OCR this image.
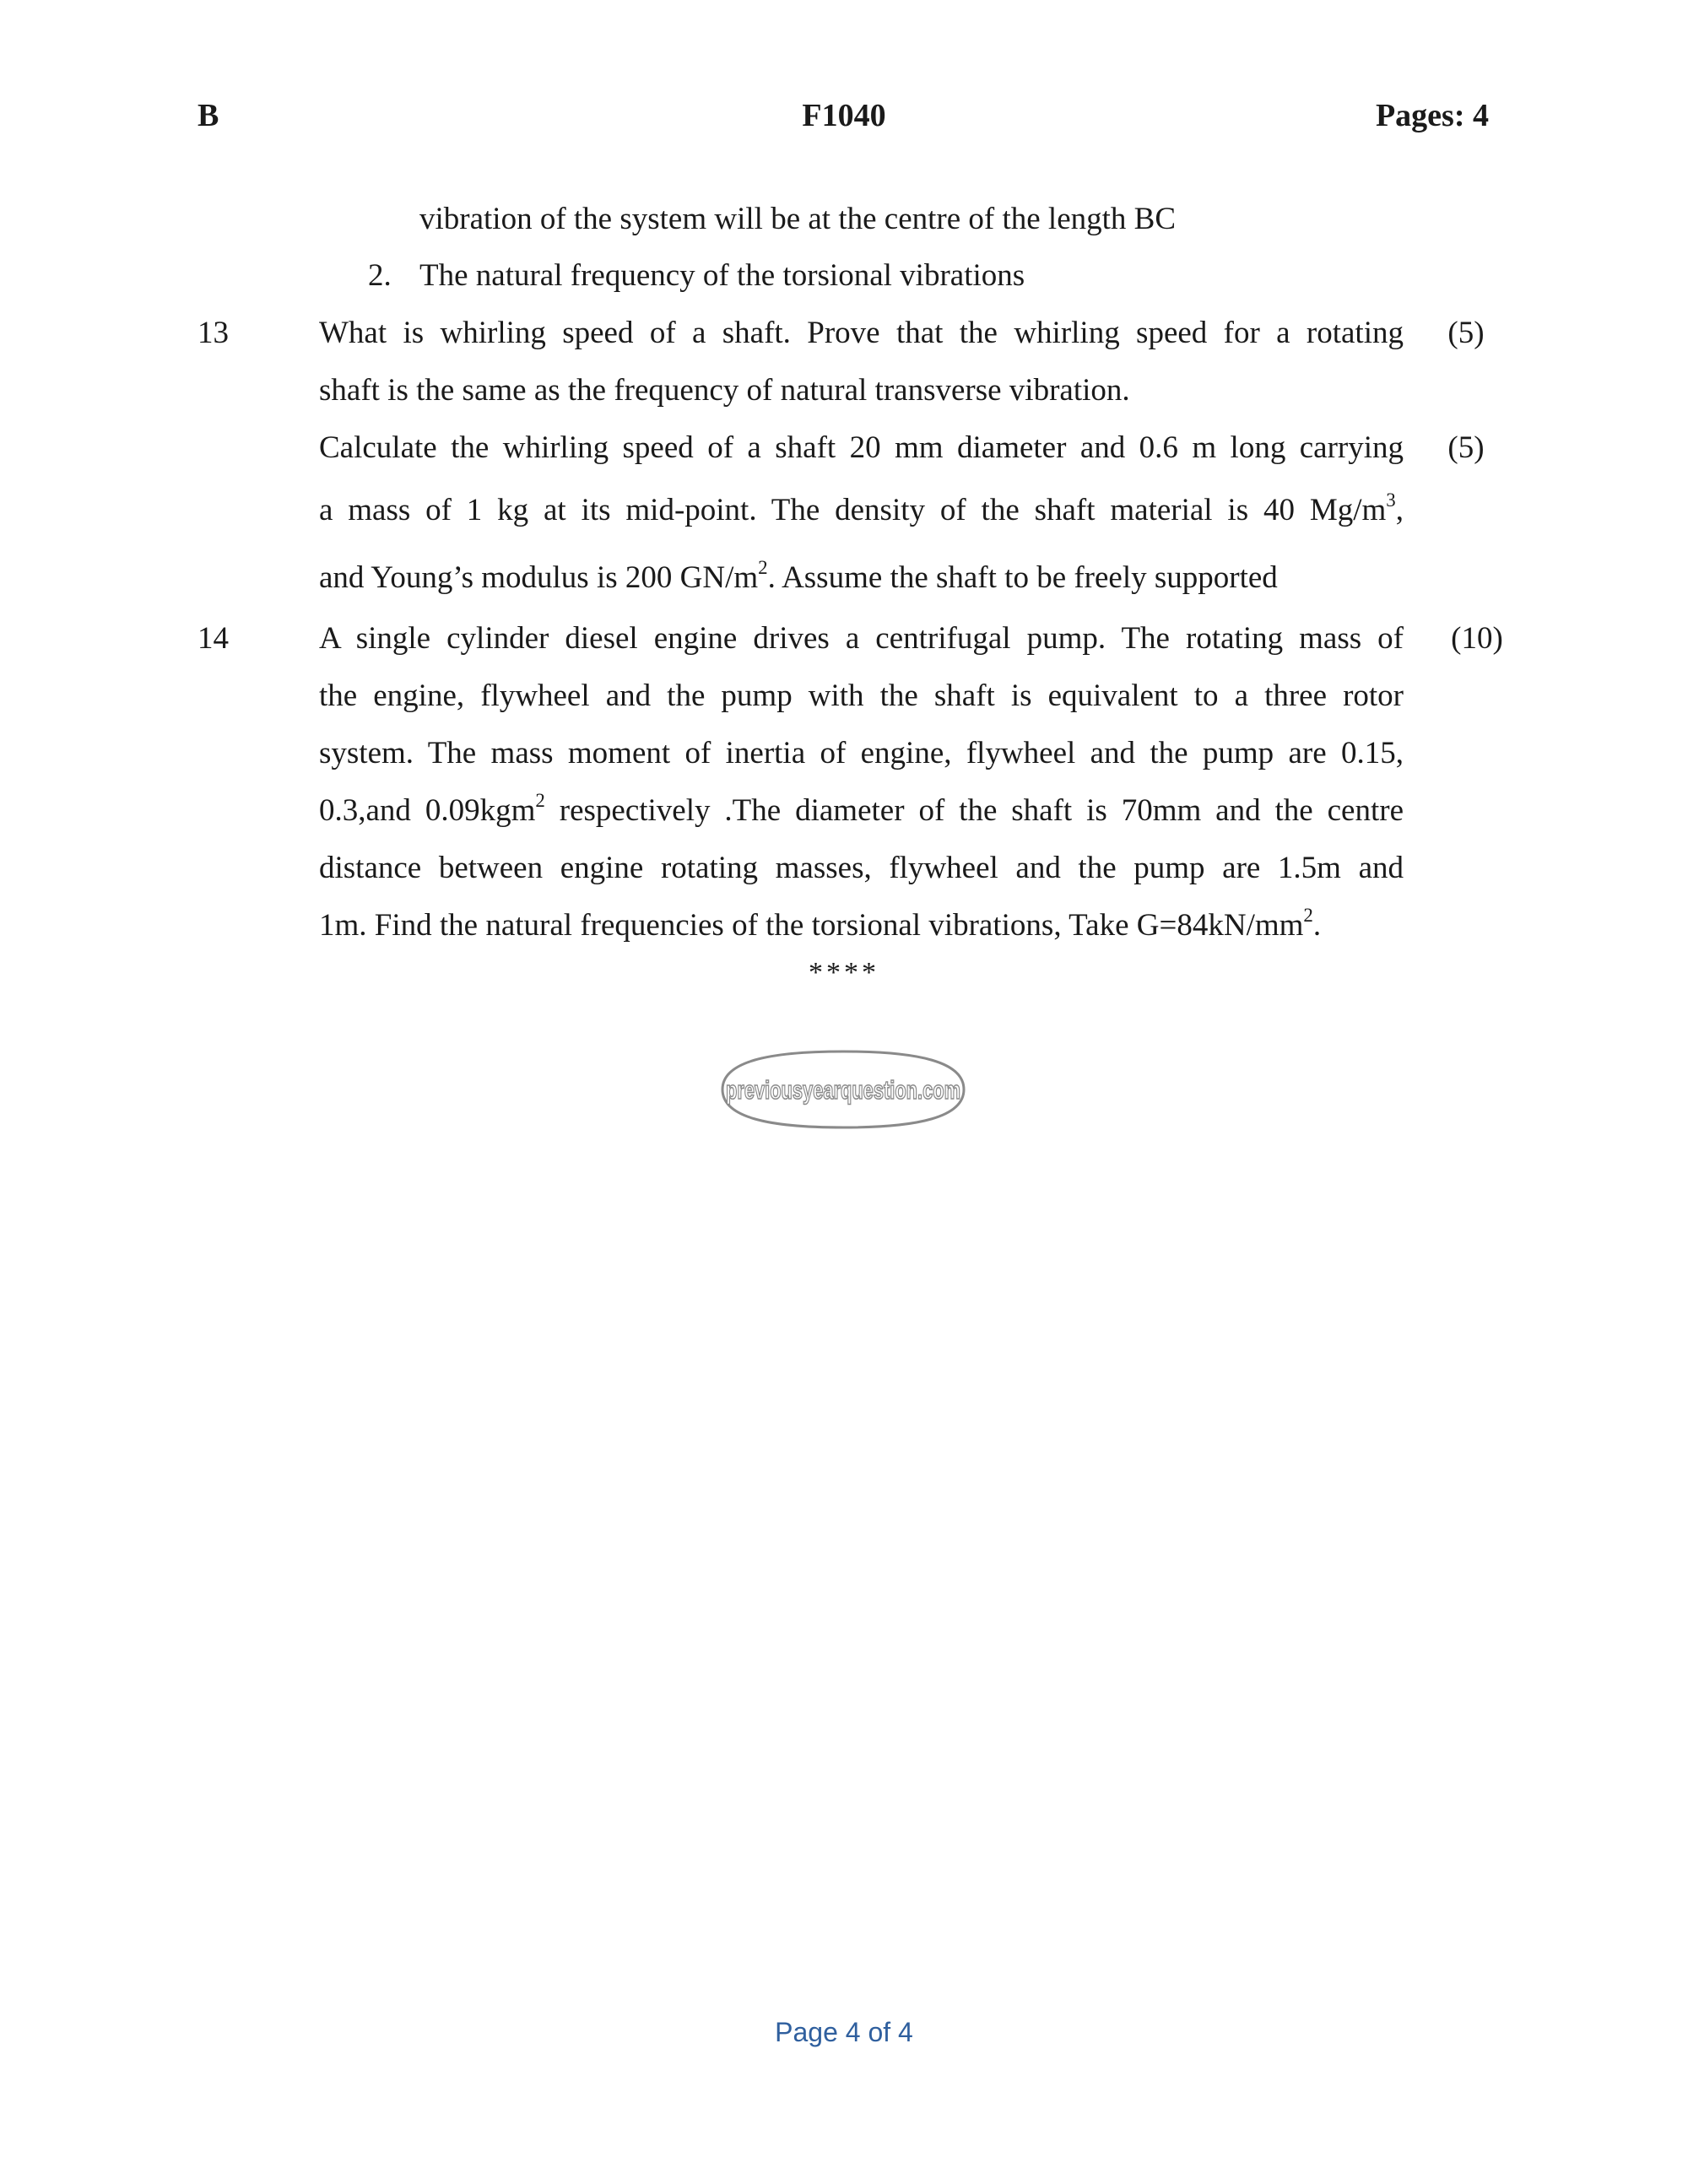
B	F1040	Pages: 4
vibration of the system will be at the centre of the length BC
2. The natural frequency of the torsional vibrations
13	What is whirling speed of a shaft. Prove that the whirling speed for a rotating	(5)
shaft is the same as the frequency of natural transverse vibration.
Calculate the whirling speed of a shaft 20 mm diameter and 0.6 m long carrying	(5)
a mass of 1 kg at its mid-point. The density of the shaft material is 40 $Mg/m^3$,
and Young’s modulus is 200 $GN/m^2$. Assume the shaft to be freely supported
14	A single cylinder diesel engine drives a centrifugal pump. The rotating mass of	(10)
the engine, flywheel and the pump with the shaft is equivalent to a three rotor
system. The mass moment of inertia of engine, flywheel and the pump are 0.15,
0.3,and 0.09kgm$^2$ respectively .The diameter of the shaft is 70mm and the centre
distance between engine rotating masses, flywheel and the pump are 1.5m and
1m. Find the natural frequencies of the torsional vibrations, Take $G=84kN/mm^2$.
****
previousyearquestion.com
Page 4 of 4
